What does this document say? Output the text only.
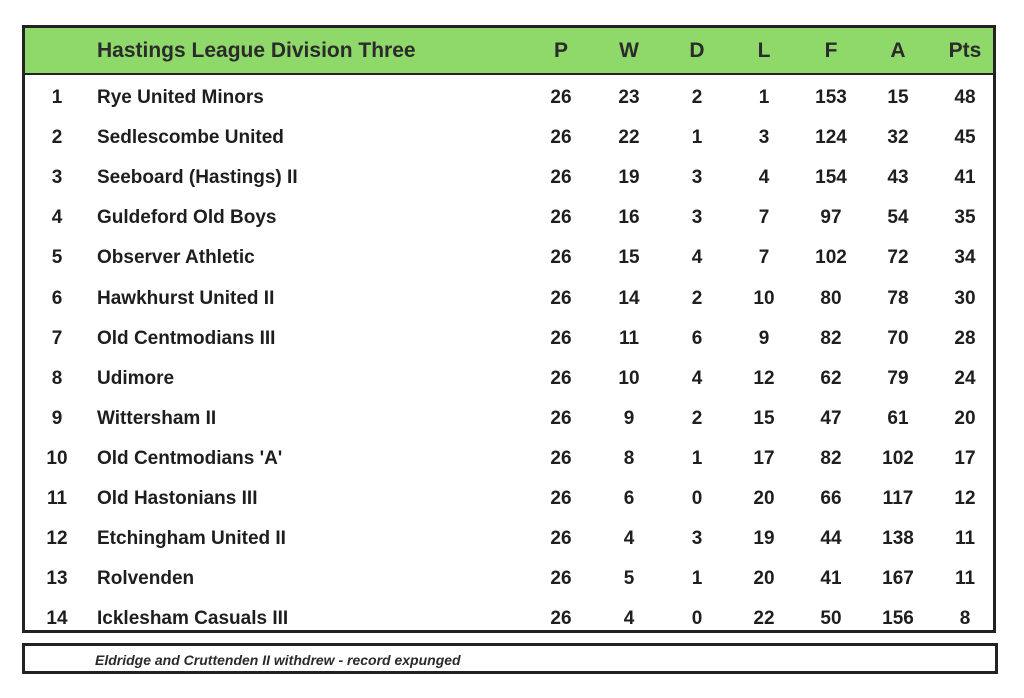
Hastings League Division Three	P	W	D	L	F	A	Pts
1	Rye United Minors	26	23	2	1	153	15	48
2	Sedlescombe United	26	22	1	3	124	32	45
3	Seeboard (Hastings) II	26	19	3	4	154	43	41
4	Guldeford Old Boys	26	16	3	7	97	54	35
5	Observer Athletic	26	15	4	7	102	72	34
6	Hawkhurst United II	26	14	2	10	80	78	30
7	Old Centmodians III	26	11	6	9	82	70	28
8	Udimore	26	10	4	12	62	79	24
9	Wittersham II	26	9	2	15	47	61	20
10	Old Centmodians 'A'	26	8	1	17	82	102	17
11	Old Hastonians III	26	6	0	20	66	117	12
12	Etchingham United II	26	4	3	19	44	138	11
13	Rolvenden	26	5	1	20	41	167	11
14	Icklesham Casuals III	26	4	0	22	50	156	8
Eldridge and Cruttenden II withdrew - record expunged
